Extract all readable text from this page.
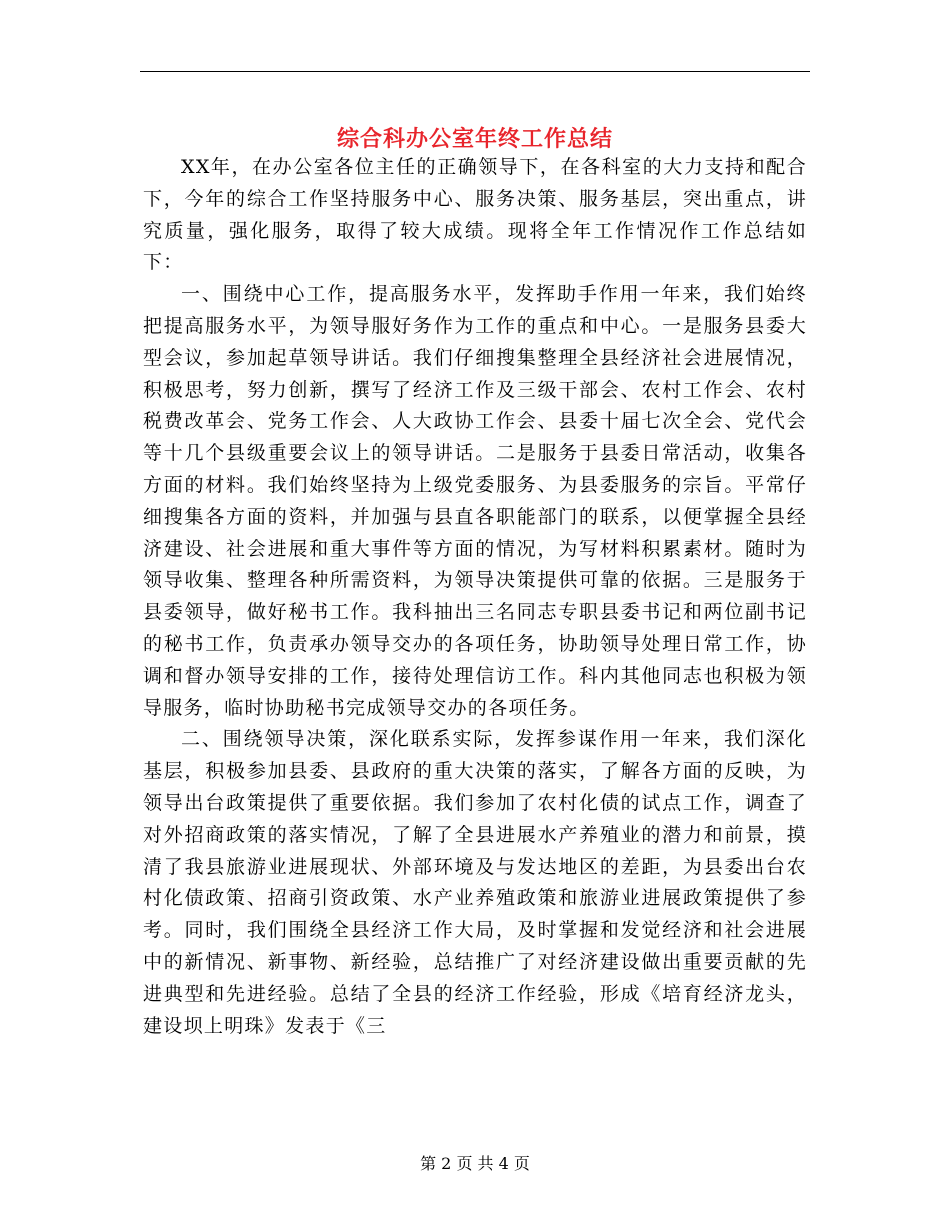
综合科办公室年终工作总结

XX年，在办公室各位主任的正确领导下，在各科室的大力支持和配合下，今年的综合工作坚持服务中心、服务决策、服务基层，突出重点，讲究质量，强化服务，取得了较大成绩。现将全年工作情况作工作总结如下：

一、围绕中心工作，提高服务水平，发挥助手作用一年来，我们始终把提高服务水平，为领导服好务作为工作的重点和中心。一是服务县委大型会议，参加起草领导讲话。我们仔细搜集整理全县经济社会进展情况，积极思考，努力创新，撰写了经济工作及三级干部会、农村工作会、农村税费改革会、党务工作会、人大政协工作会、县委十届七次全会、党代会等十几个县级重要会议上的领导讲话。二是服务于县委日常活动，收集各方面的材料。我们始终坚持为上级党委服务、为县委服务的宗旨。平常仔细搜集各方面的资料，并加强与县直各职能部门的联系，以便掌握全县经济建设、社会进展和重大事件等方面的情况，为写材料积累素材。随时为领导收集、整理各种所需资料，为领导决策提供可靠的依据。三是服务于县委领导，做好秘书工作。我科抽出三名同志专职县委书记和两位副书记的秘书工作，负责承办领导交办的各项任务，协助领导处理日常工作，协调和督办领导安排的工作，接待处理信访工作。科内其他同志也积极为领导服务，临时协助秘书完成领导交办的各项任务。

二、围绕领导决策，深化联系实际，发挥参谋作用一年来，我们深化基层，积极参加县委、县政府的重大决策的落实，了解各方面的反映，为领导出台政策提供了重要依据。我们参加了农村化债的试点工作，调查了对外招商政策的落实情况，了解了全县进展水产养殖业的潜力和前景，摸清了我县旅游业进展现状、外部环境及与发达地区的差距，为县委出台农村化债政策、招商引资政策、水产业养殖政策和旅游业进展政策提供了参考。同时，我们围绕全县经济工作大局，及时掌握和发觉经济和社会进展中的新情况、新事物、新经验，总结推广了对经济建设做出重要贡献的先进典型和先进经验。总结了全县的经济工作经验，形成《培育经济龙头，建设坝上明珠》发表于《三

第 2 页 共 4 页
